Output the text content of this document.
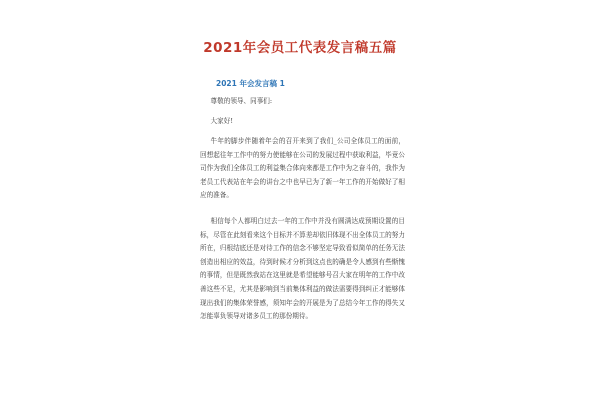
2021年会员工代表发言稿五篇
2021 年会发言稿 1
尊敬的领导、同事们:
大家好!
牛年的脚步伴随着年会的召开来到了我们_公司全体员工的面前，回想起往年工作中的努力使能够在公司的发展过程中获取利益，毕竟公司作为我们全体员工的利益集合体向来都是工作中为之奋斗的，我作为老员工代表站在年会的讲台之中也早已为了新一年工作的开始做好了相应的准备。
相信每个人都明白过去一年的工作中并没有圆满达成预期设置的目标，尽管在此刻看来这个目标并不算差却依旧体现不出全体员工的努力所在，归根结底还是对待工作的信念不够坚定导致看似简单的任务无法创造出相应的效益，待到时候才分析到这点也的确是令人感到有些惭愧的事情，但是既然我站在这里就是希望能够号召大家在明年的工作中改善这些不足，尤其是影响到当前集体利益的做法需要得到纠正才能够体现出我们的集体荣誉感，须知年会的开展是为了总结今年工作的得失又怎能辜负领导对诸多员工的那份期待。
